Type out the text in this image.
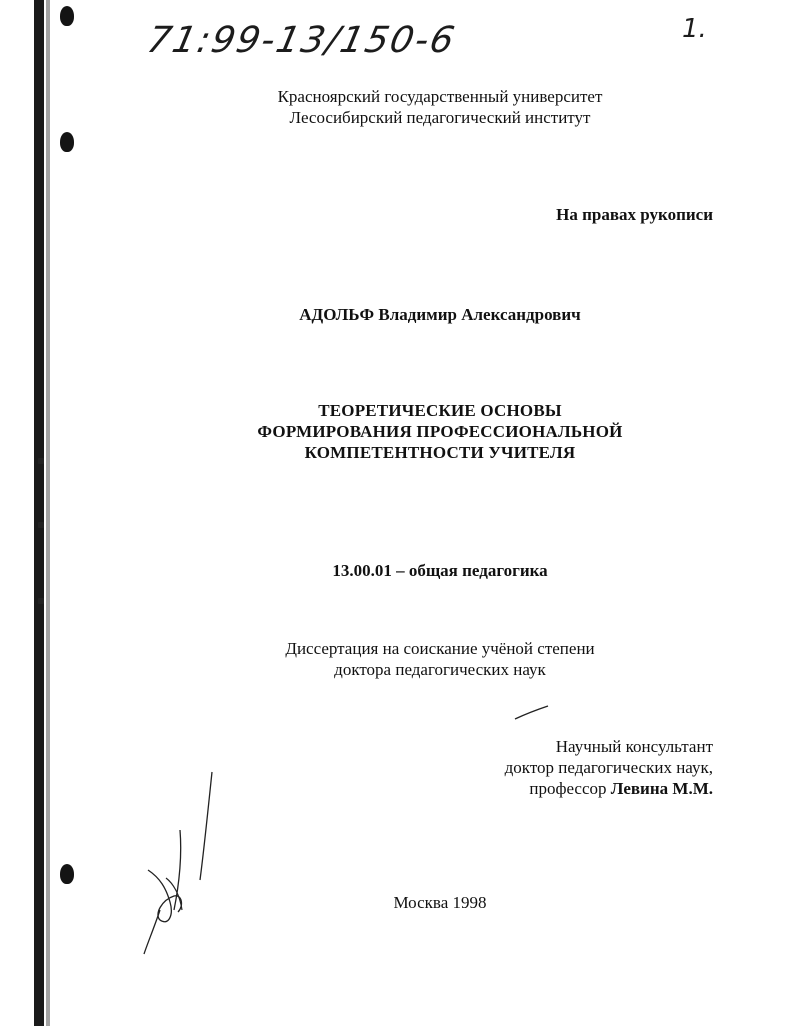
71:99-13/150-6	1.
Красноярский государственный университет
Лесосибирский педагогический институт
На правах рукописи
АДОЛЬФ Владимир Александрович
ТЕОРЕТИЧЕСКИЕ ОСНОВЫ
ФОРМИРОВАНИЯ ПРОФЕССИОНАЛЬНОЙ
КОМПЕТЕНТНОСТИ УЧИТЕЛЯ
13.00.01 – общая педагогика
Диссертация на соискание учёной степени
доктора педагогических наук
Научный консультант
доктор педагогических наук,
профессор Левина М.М.
Москва 1998
